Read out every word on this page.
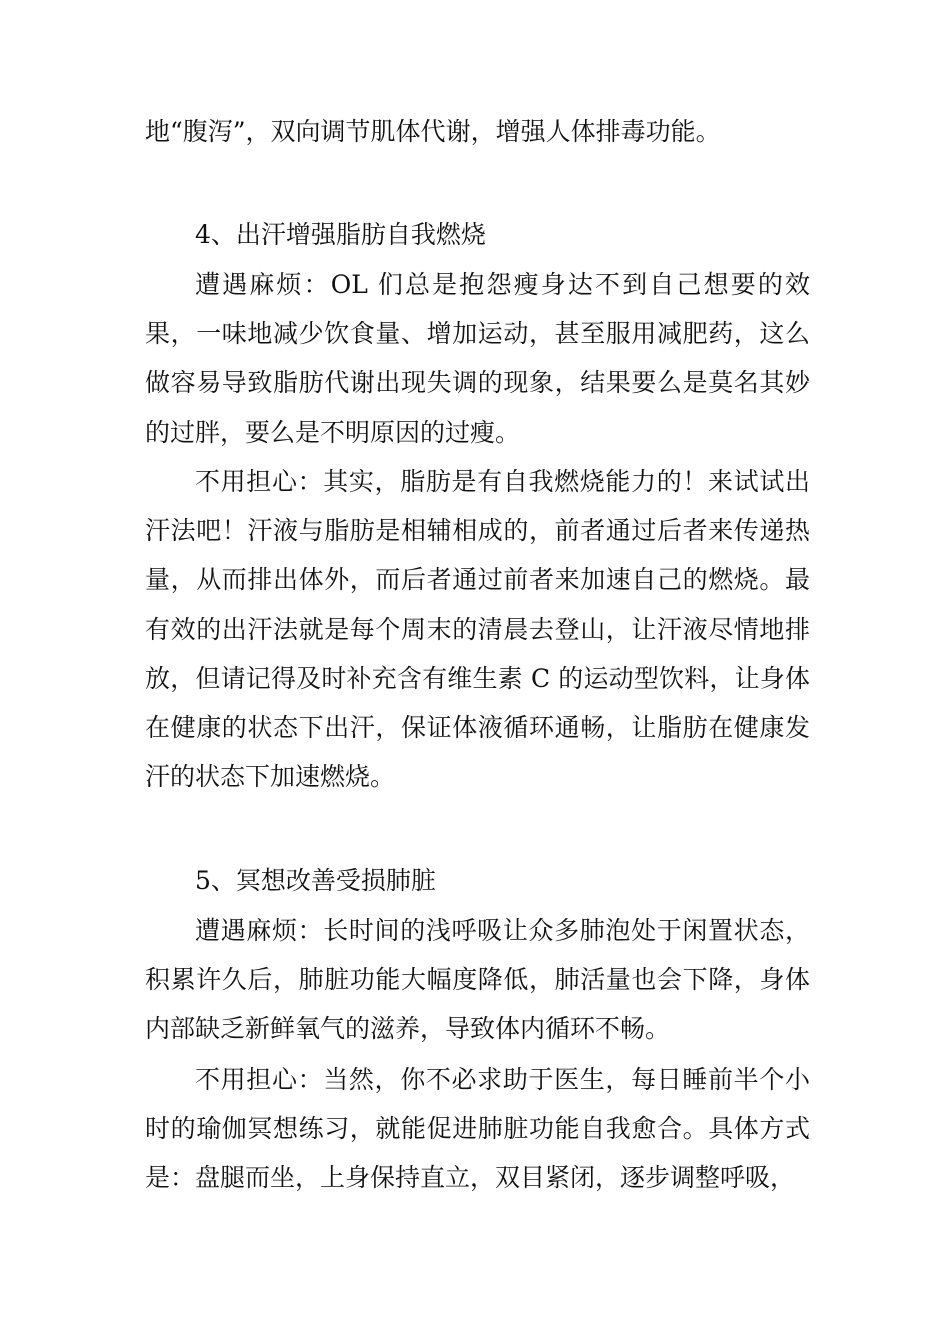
地“腹泻”，双向调节肌体代谢，增强人体排毒功能。

4、出汗增强脂肪自我燃烧

遭遇麻烦：OL 们总是抱怨瘦身达不到自己想要的效果，一味地减少饮食量、增加运动，甚至服用减肥药，这么做容易导致脂肪代谢出现失调的现象，结果要么是莫名其妙的过胖，要么是不明原因的过瘦。

不用担心：其实，脂肪是有自我燃烧能力的！来试试出汗法吧！汗液与脂肪是相辅相成的，前者通过后者来传递热量，从而排出体外，而后者通过前者来加速自己的燃烧。最有效的出汗法就是每个周末的清晨去登山，让汗液尽情地排放，但请记得及时补充含有维生素 C 的运动型饮料，让身体在健康的状态下出汗，保证体液循环通畅，让脂肪在健康发汗的状态下加速燃烧。

5、冥想改善受损肺脏

遭遇麻烦：长时间的浅呼吸让众多肺泡处于闲置状态，积累许久后，肺脏功能大幅度降低，肺活量也会下降，身体内部缺乏新鲜氧气的滋养，导致体内循环不畅。

不用担心：当然，你不必求助于医生，每日睡前半个小时的瑜伽冥想练习，就能促进肺脏功能自我愈合。具体方式是：盘腿而坐，上身保持直立，双目紧闭，逐步调整呼吸，
